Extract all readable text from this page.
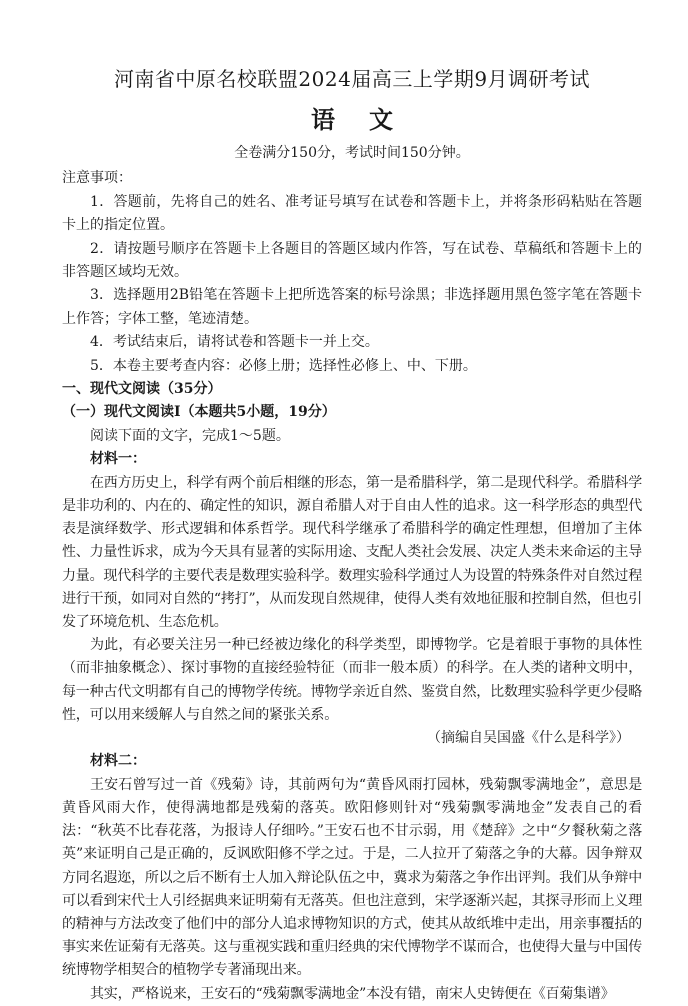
河南省中原名校联盟2024届高三上学期9月调研考试
语文
全卷满分150分，考试时间150分钟。

注意事项：

1．答题前，先将自己的姓名、准考证号填写在试卷和答题卡上，并将条形码粘贴在答题卡上的指定位置。

2．请按题号顺序在答题卡上各题目的答题区域内作答，写在试卷、草稿纸和答题卡上的非答题区域均无效。

3．选择题用2B铅笔在答题卡上把所选答案的标号涂黑；非选择题用黑色签字笔在答题卡上作答；字体工整，笔迹清楚。

4．考试结束后，请将试卷和答题卡一并上交。

5．本卷主要考查内容：必修上册；选择性必修上、中、下册。

一、现代文阅读（35分）

（一）现代文阅读Ⅰ（本题共5小题，19分）

阅读下面的文字，完成1～5题。

材料一：

在西方历史上，科学有两个前后相继的形态，第一是希腊科学，第二是现代科学。希腊科学是非功利的、内在的、确定性的知识，源自希腊人对于自由人性的追求。这一科学形态的典型代表是演绎数学、形式逻辑和体系哲学。现代科学继承了希腊科学的确定性理想，但增加了主体性、力量性诉求，成为今天具有显著的实际用途、支配人类社会发展、决定人类未来命运的主导力量。现代科学的主要代表是数理实验科学。数理实验科学通过人为设置的特殊条件对自然过程进行干预，如同对自然的“拷打”，从而发现自然规律，使得人类有效地征服和控制自然，但也引发了环境危机、生态危机。

为此，有必要关注另一种已经被边缘化的科学类型，即博物学。它是着眼于事物的具体性（而非抽象概念）、探讨事物的直接经验特征（而非一般本质）的科学。在人类的诸种文明中，每一种古代文明都有自己的博物学传统。博物学亲近自然、鉴赏自然，比数理实验科学更少侵略性，可以用来缓解人与自然之间的紧张关系。

（摘编自吴国盛《什么是科学》）

材料二：

王安石曾写过一首《残菊》诗，其前两句为“黄昏风雨打园林，残菊飘零满地金”，意思是黄昏风雨大作，使得满地都是残菊的落英。欧阳修则针对“残菊飘零满地金”发表自己的看法：“秋英不比春花落，为报诗人仔细吟。”王安石也不甘示弱，用《楚辞》之中“夕餐秋菊之落英”来证明自己是正确的，反讽欧阳修不学之过。于是，二人拉开了菊落之争的大幕。因争辩双方同名遐迩，所以之后不断有士人加入辩论队伍之中，冀求为菊落之争作出评判。我们从争辩中可以看到宋代士人引经据典来证明菊有无落英。但也注意到，宋学逐渐兴起，其探寻形而上义理的精神与方法改变了他们中的部分人追求博物知识的方式，使其从故纸堆中走出，用亲事覆括的事实来佐证菊有无落英。这与重视实践和重归经典的宋代博物学不谋而合，也使得大量与中国传统博物学相契合的植物学专著涌现出来。

其实，严格说来，王安石的“残菊飘零满地金”本没有错，南宋人史铸便在《百菊集谱》
